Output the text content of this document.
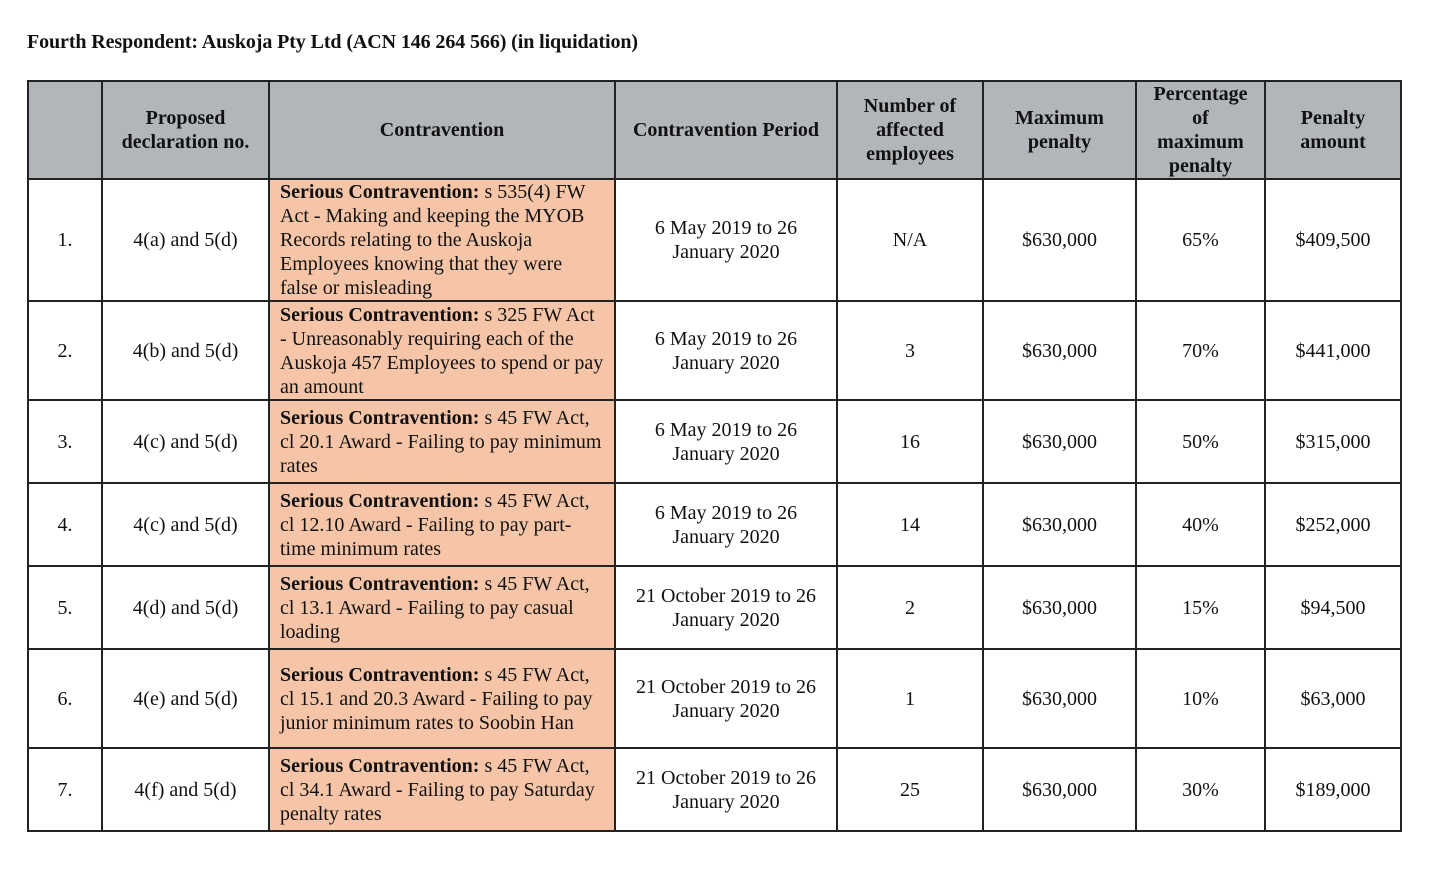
Fourth Respondent: Auskoja Pty Ltd (ACN 146 264 566) (in liquidation)
	Proposed declaration no.	Contravention	Contravention Period	Number of affected employees	Maximum penalty	Percentage of maximum penalty	Penalty amount
1.	4(a) and 5(d)	Serious Contravention: s 535(4) FW Act - Making and keeping the MYOB Records relating to the Auskoja Employees knowing that they were false or misleading	6 May 2019 to 26 January 2020	N/A	$630,000	65%	$409,500
2.	4(b) and 5(d)	Serious Contravention: s 325 FW Act - Unreasonably requiring each of the Auskoja 457 Employees to spend or pay an amount	6 May 2019 to 26 January 2020	3	$630,000	70%	$441,000
3.	4(c) and 5(d)	Serious Contravention: s 45 FW Act, cl 20.1 Award - Failing to pay minimum rates	6 May 2019 to 26 January 2020	16	$630,000	50%	$315,000
4.	4(c) and 5(d)	Serious Contravention: s 45 FW Act, cl 12.10 Award - Failing to pay part-time minimum rates	6 May 2019 to 26 January 2020	14	$630,000	40%	$252,000
5.	4(d) and 5(d)	Serious Contravention: s 45 FW Act, cl 13.1 Award - Failing to pay casual loading	21 October 2019 to 26 January 2020	2	$630,000	15%	$94,500
6.	4(e) and 5(d)	Serious Contravention: s 45 FW Act, cl 15.1 and 20.3 Award - Failing to pay junior minimum rates to Soobin Han	21 October 2019 to 26 January 2020	1	$630,000	10%	$63,000
7.	4(f) and 5(d)	Serious Contravention: s 45 FW Act, cl 34.1 Award - Failing to pay Saturday penalty rates	21 October 2019 to 26 January 2020	25	$630,000	30%	$189,000
